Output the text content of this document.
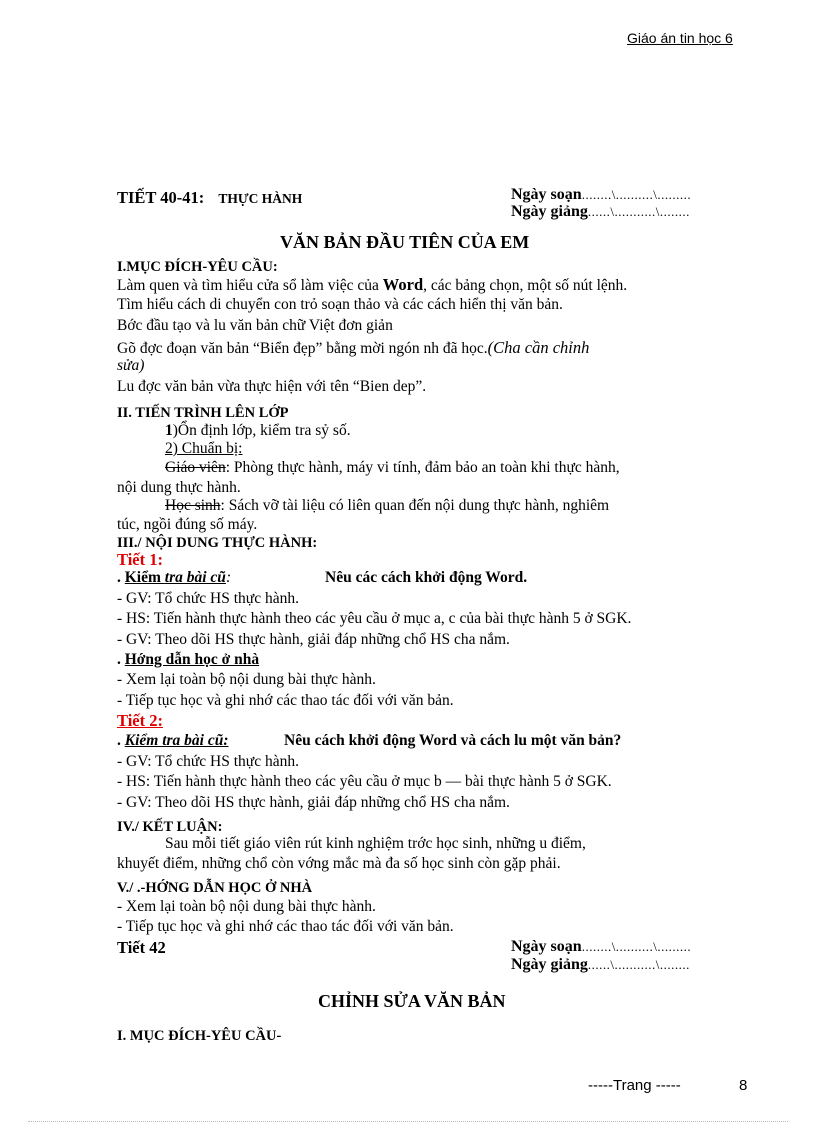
Giáo án tin học 6
TIẾT 40-41: THỰC HÀNH	Ngày soạn........\..........\.........
Ngày giảng......\...........\........
VĂN BẢN ĐẦU TIÊN CỦA EM
I.MỤC ĐÍCH-YÊU CẦU:
Làm quen và tìm hiểu cửa sổ làm việc của Word, các bảng chọn, một số nút lệnh.
Tìm hiểu cách di chuyển con trỏ soạn thảo và các cách hiển thị văn bản.
Bớc đầu tạo và lu văn bản chữ Việt đơn giản
Gõ đợc đoạn văn bản “Biển đẹp” bằng mời ngón nh đã học.(Cha cần chỉnh
sửa)
Lu đợc văn bản vừa thực hiện với tên “Bien dep”.
II. TIẾN TRÌNH LÊN LỚP
1)Ổn định lớp, kiểm tra sỷ số.
2) Chuẩn bị:
Giáo viên: Phòng thực hành, máy vi tính, đảm bảo an toàn khi thực hành,
nội dung thực hành.
Học sinh: Sách vỡ tài liệu có liên quan đến nội dung thực hành, nghiêm
túc, ngồi đúng số máy.
III./ NỘI DUNG THỰC HÀNH:
Tiết 1:
. Kiểm tra bài cũ:	Nêu các cách khởi động Word.
- GV: Tổ chức HS thực hành.
- HS: Tiến hành thực hành theo các yêu cầu ở mục a, c của bài thực hành 5 ở SGK.
- GV: Theo dõi HS thực hành, giải đáp những chổ HS cha nắm.
. Hớng dẫn học ở nhà
- Xem lại toàn bộ nội dung bài thực hành.
- Tiếp tục học và ghi nhớ các thao tác đối với văn bản.
Tiết 2:
. Kiểm tra bài cũ:	Nêu cách khởi động Word và cách lu một văn bản?
- GV: Tổ chức HS thực hành.
- HS: Tiến hành thực hành theo các yêu cầu ở mục b — bài thực hành 5 ở SGK.
- GV: Theo dõi HS thực hành, giải đáp những chổ HS cha nắm.
IV./ KẾT LUẬN:
Sau mỗi tiết giáo viên rút kinh nghiệm trớc học sinh, những u điểm,
khuyết điểm, những chổ còn vớng mắc mà đa số học sinh còn gặp phải.
V./ .-HỚNG DẪN HỌC Ở NHÀ
- Xem lại toàn bộ nội dung bài thực hành.
- Tiếp tục học và ghi nhớ các thao tác đối với văn bản.
Tiết 42	Ngày soạn........\..........\.........
Ngày giảng......\...........\........
CHỈNH SỬA VĂN BẢN
I. MỤC ĐÍCH-YÊU CẦU-
-----Trang -----	8
